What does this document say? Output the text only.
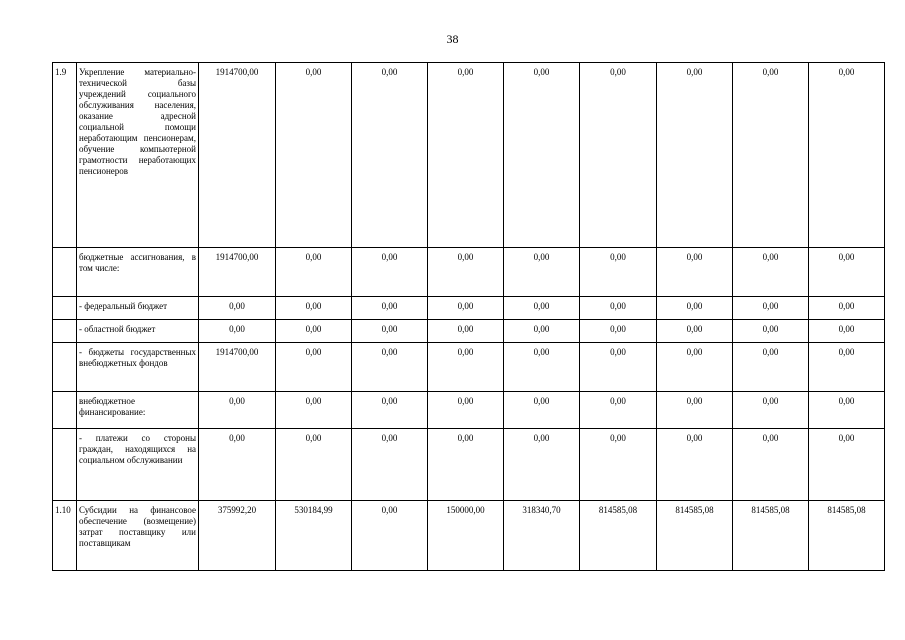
38
1.9	Укрепление материально-технической базы учреждений социального обслуживания населения, оказание адресной социальной помощи неработающим пенсионерам, обучение компьютерной грамотности неработающих пенсионеров	1914700,00	0,00	0,00	0,00	0,00	0,00	0,00	0,00	0,00
	бюджетные ассигнования, в том числе:	1914700,00	0,00	0,00	0,00	0,00	0,00	0,00	0,00	0,00
	- федеральный бюджет	0,00	0,00	0,00	0,00	0,00	0,00	0,00	0,00	0,00
	- областной бюджет	0,00	0,00	0,00	0,00	0,00	0,00	0,00	0,00	0,00
	- бюджеты государственных внебюджетных фондов	1914700,00	0,00	0,00	0,00	0,00	0,00	0,00	0,00	0,00
	внебюджетное финансирование:	0,00	0,00	0,00	0,00	0,00	0,00	0,00	0,00	0,00
	- платежи со стороны граждан, находящихся на социальном обслуживании	0,00	0,00	0,00	0,00	0,00	0,00	0,00	0,00	0,00
1.10	Субсидии на финансовое обеспечение (возмещение) затрат поставщику или поставщикам	375992,20	530184,99	0,00	150000,00	318340,70	814585,08	814585,08	814585,08	814585,08
